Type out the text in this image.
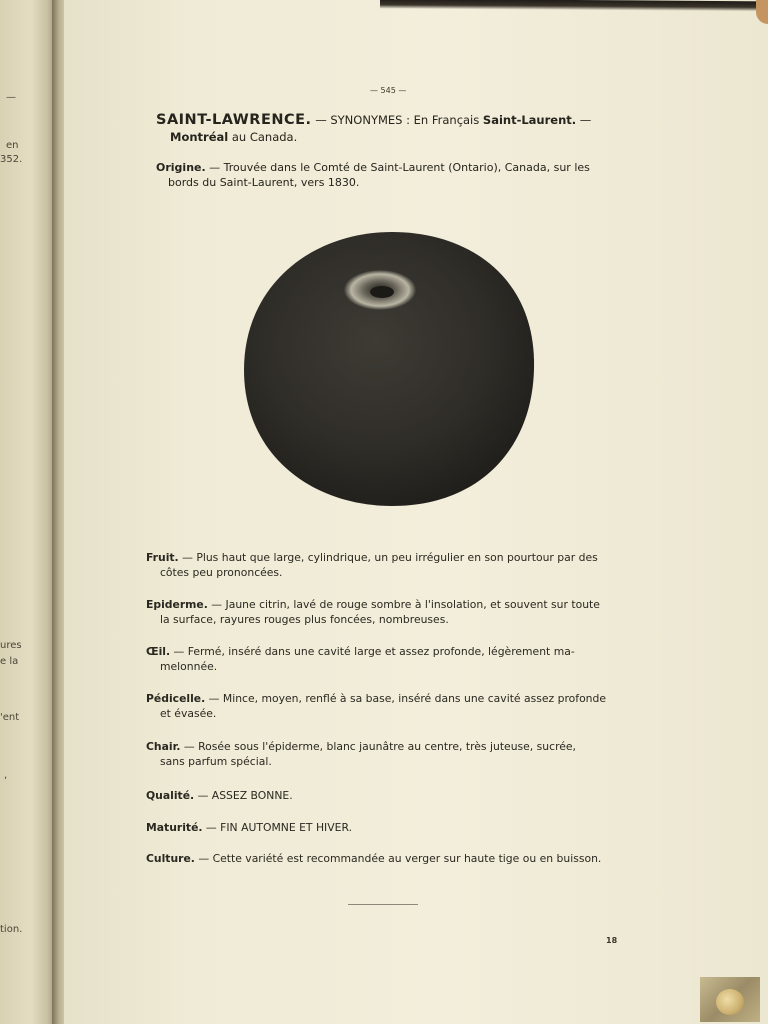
—
en
352.
ures
e la
'ent
,
tion.
— 545 —
SAINT-LAWRENCE. — SYNONYMES : En Français Saint-Laurent. —
Montréal au Canada.
Origine. — Trouvée dans le Comté de Saint-Laurent (Ontario), Canada, sur les
bords du Saint-Laurent, vers 1830.
Fruit. — Plus haut que large, cylindrique, un peu irrégulier en son pourtour par des
côtes peu prononcées.
Epiderme. — Jaune citrin, lavé de rouge sombre à l'insolation, et souvent sur toute
la surface, rayures rouges plus foncées, nombreuses.
Œil. — Fermé, inséré dans une cavité large et assez profonde, légèrement ma-
melonnée.
Pédicelle. — Mince, moyen, renflé à sa base, inséré dans une cavité assez profonde
et évasée.
Chair. — Rosée sous l'épiderme, blanc jaunâtre au centre, très juteuse, sucrée,
sans parfum spécial.
Qualité. — ASSEZ BONNE.
Maturité. — FIN AUTOMNE ET HIVER.
Culture. — Cette variété est recommandée au verger sur haute tige ou en buisson.
18
